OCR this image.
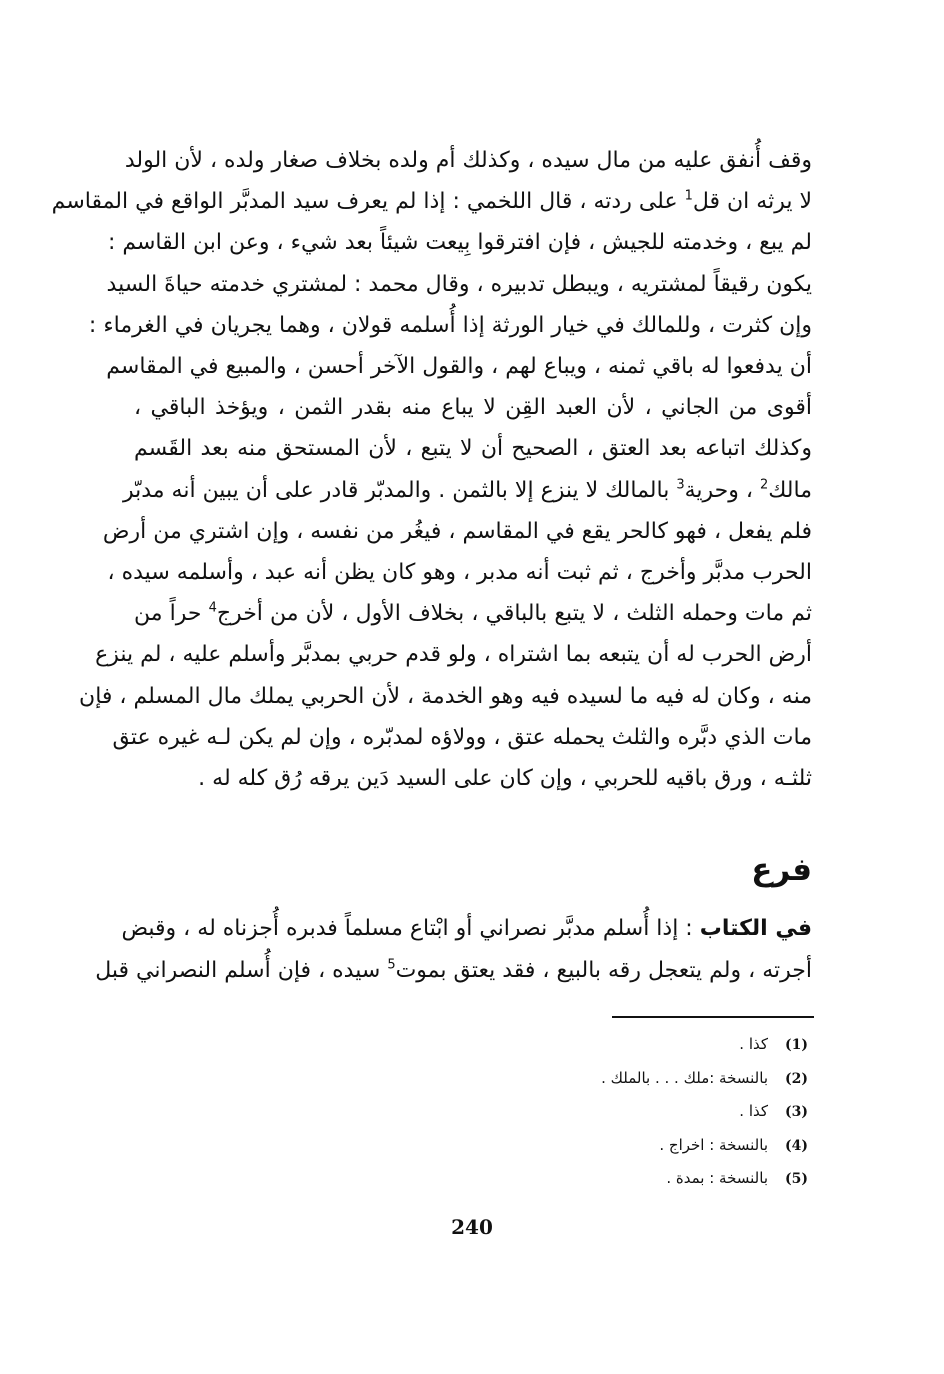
وقف أُنفق عليه من مال سيده ، وكذلك أم ولده بخلاف صغار ولده ، لأن الولد
لا يرثه ان قل$^1$ على ردته ، قال اللخمي : إذا لم يعرف سيد المدبَّر الواقع في المقاسم
لم يبع ، وخدمته للجيش ، فإن افترقوا بِيعت شيئاً بعد شيء ، وعن ابن القاسم :
يكون رقيقاً لمشتريه ، ويبطل تدبيره ، وقال محمد : لمشتري خدمته حياةَ السيد
وإن كثرت ، وللمالك في خيار الورثة إذا أُسلمه قولان ، وهما يجريان في الغرماء :
أن يدفعوا له باقي ثمنه ، ويباع لهم ، والقول الآخر أحسن ، والمبيع في المقاسم
أقوى من الجاني ، لأن العبد القِن لا يباع منه بقدر الثمن ، ويؤخذ الباقي ،
وكذلك اتباعه بعد العتق ، الصحيح أن لا يتبع ، لأن المستحق منه بعد القَسم
مالك$^2$ ، وحرية$^3$ بالمالك لا ينزع إلا بالثمن . والمدبّر قادر على أن يبين أنه مدبّر
فلم يفعل ، فهو كالحر يقع في المقاسم ، فيغُر من نفسه ، وإن اشتري من أرض
الحرب مدبَّر وأخرج ، ثم ثبت أنه مدبر ، وهو كان يظن أنه عبد ، وأسلمه سيده ،
ثم مات وحمله الثلث ، لا يتبع بالباقي ، بخلاف الأول ، لأن من أخرج$^4$ حراً من
أرض الحرب له أن يتبعه بما اشتراه ، ولو قدم حربي بمدبَّر وأسلم عليه ، لم ينزع
منه ، وكان له فيه ما لسيده فيه وهو الخدمة ، لأن الحربي يملك مال المسلم ، فإن
مات الذي دبَّره والثلث يحمله عتق ، وولاؤه لمدبّره ، وإن لم يكن لـه غيره عتق
ثلثـه ، ورق باقيه للحربي ، وإن كان على السيد دَين يرقه رُق كله له .
فرع
في الكتاب : إذا أُسلم مدبَّر نصراني أو ابْتاع مسلماً فدبره أُجزناه له ، وقبض
أجرته ، ولم يتعجل رقه بالبيع ، فقد يعتق بموت$^5$ سيده ، فإن أُسلم النصراني قبل
(1)كذا .
(2)بالنسخة :ملك . . . بالملك .
(3)كذا .
(4)بالنسخة : اخراج .
(5)بالنسخة : بمدة .
240
